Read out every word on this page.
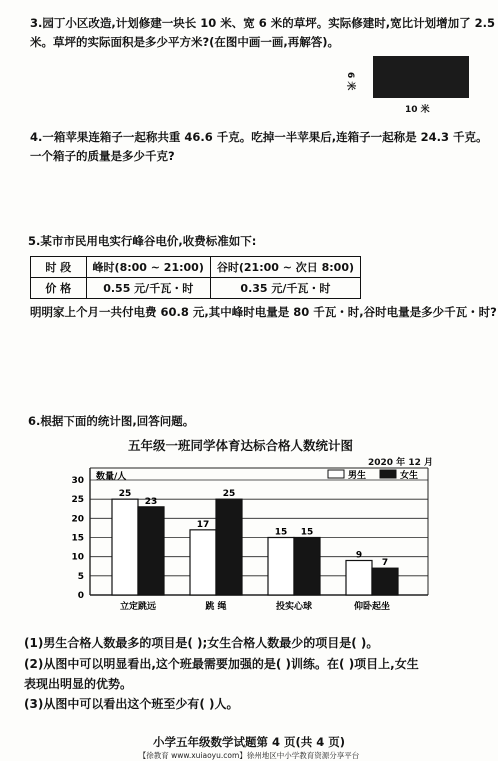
3.园丁小区改造,计划修建一块长 10 米、宽 6 米的草坪。实际修建时,宽比计划增加了 2.5
米。草坪的实际面积是多少平方米?(在图中画一画,再解答)。
6 米
10 米
4.一箱苹果连箱子一起称共重 46.6 千克。吃掉一半苹果后,连箱子一起称是 24.3 千克。
一个箱子的质量是多少千克?
5.某市市民用电实行峰谷电价,收费标准如下:
时 段	峰时(8:00 ~ 21:00)	谷时(21:00 ~ 次日 8:00)
价 格	0.55 元/千瓦・时	0.35 元/千瓦・时
明明家上个月一共付电费 60.8 元,其中峰时电量是 80 千瓦・时,谷时电量是多少千瓦・时?
6.根据下面的统计图,回答问题。
五年级一班同学体育达标合格人数统计图
2020 年 12 月
0
5
10
15
20
25
30 数量/人	男生	女生
25
23
立定跳远
17
25
跳 绳
15 15
投实心球
9
7
仰卧起坐
(1)男生合格人数最多的项目是( );女生合格人数最少的项目是( )。
(2)从图中可以明显看出,这个班最需要加强的是( )训练。在( )项目上,女生
表现出明显的优势。
(3)从图中可以看出这个班至少有( )人。
小学五年级数学试题第 4 页(共 4 页)
【徐教育 www.xuiaoyu.com】徐州地区中小学教育资源分享平台
